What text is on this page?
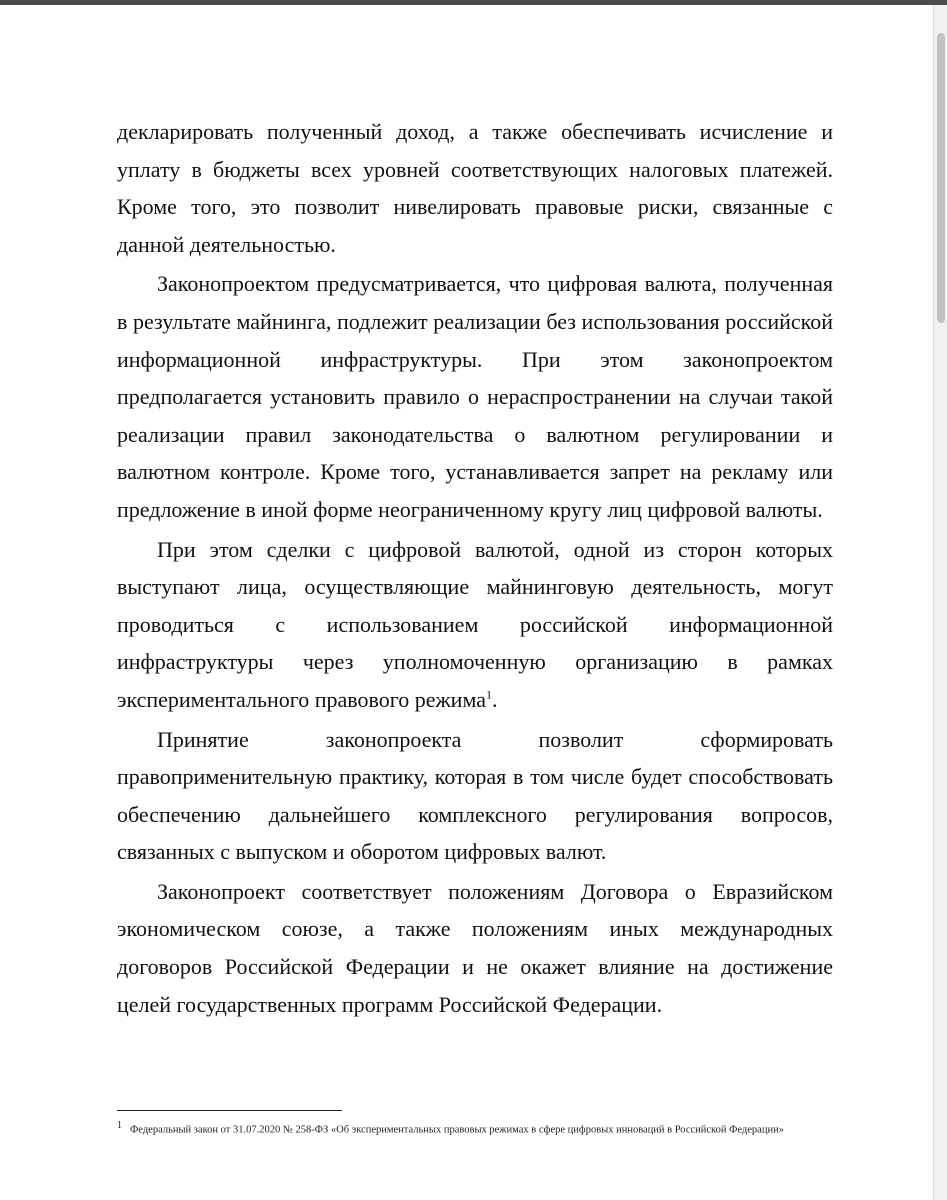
декларировать полученный доход, а также обеспечивать исчисление и уплату в бюджеты всех уровней соответствующих налоговых платежей. Кроме того, это позволит нивелировать правовые риски, связанные с данной деятельностью.

Законопроектом предусматривается, что цифровая валюта, полученная в результате майнинга, подлежит реализации без использования российской информационной инфраструктуры. При этом законопроектом предполагается установить правило о нераспространении на случаи такой реализации правил законодательства о валютном регулировании и валютном контроле. Кроме того, устанавливается запрет на рекламу или предложение в иной форме неограниченному кругу лиц цифровой валюты.

При этом сделки с цифровой валютой, одной из сторон которых выступают лица, осуществляющие майнинговую деятельность, могут проводиться с использованием российской информационной инфраструктуры через уполномоченную организацию в рамках экспериментального правового режима$^1$.

Принятие законопроекта позволит сформировать правоприменительную практику, которая в том числе будет способствовать обеспечению дальнейшего комплексного регулирования вопросов, связанных с выпуском и оборотом цифровых валют.

Законопроект соответствует положениям Договора о Евразийском экономическом союзе, а также положениям иных международных договоров Российской Федерации и не окажет влияние на достижение целей государственных программ Российской Федерации.

1 Федеральный закон от 31.07.2020 № 258-ФЗ «Об экспериментальных правовых режимах в сфере цифровых инноваций в Российской Федерации»
